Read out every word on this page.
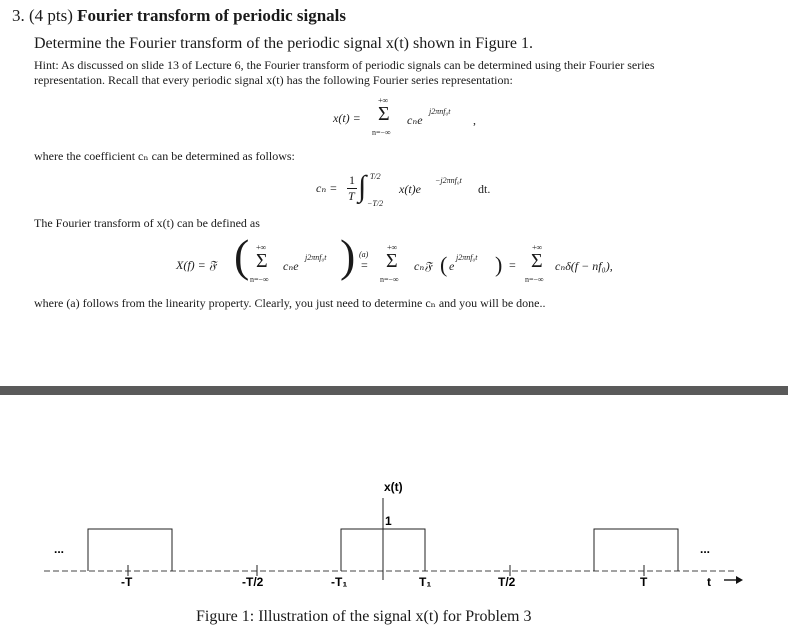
3. (4 pts) Fourier transform of periodic signals
Determine the Fourier transform of the periodic signal x(t) shown in Figure 1.
Hint: As discussed on slide 13 of Lecture 6, the Fourier transform of periodic signals can be determined using their Fourier series
representation. Recall that every periodic signal x(t) has the following Fourier series representation:
x(t) =
+∞
Σ
n=−∞
cₙe
j2πnf₀t
,
where the coefficient cₙ can be determined as follows:
cₙ =
1
T ∫ T/2
−T/2
x(t)e
−j2πnf₀t
dt.
The Fourier transform of x(t) can be defined as
X(f) = 𝔉 ( +∞
Σ
n=−∞
cₙe
j2πnf₀t ) (a)
=
+∞
Σ
n=−∞
cₙ𝔉 ( e
j2πnf₀t ) =
+∞
Σ
n=−∞
cₙδ(f − nf₀),
where (a) follows from the linearity property. Clearly, you just need to determine cₙ and you will be done..
x(t)
1
...	...
-T	-T/2	-T₁	T₁	T/2	T	t
Figure 1: Illustration of the signal x(t) for Problem 3
